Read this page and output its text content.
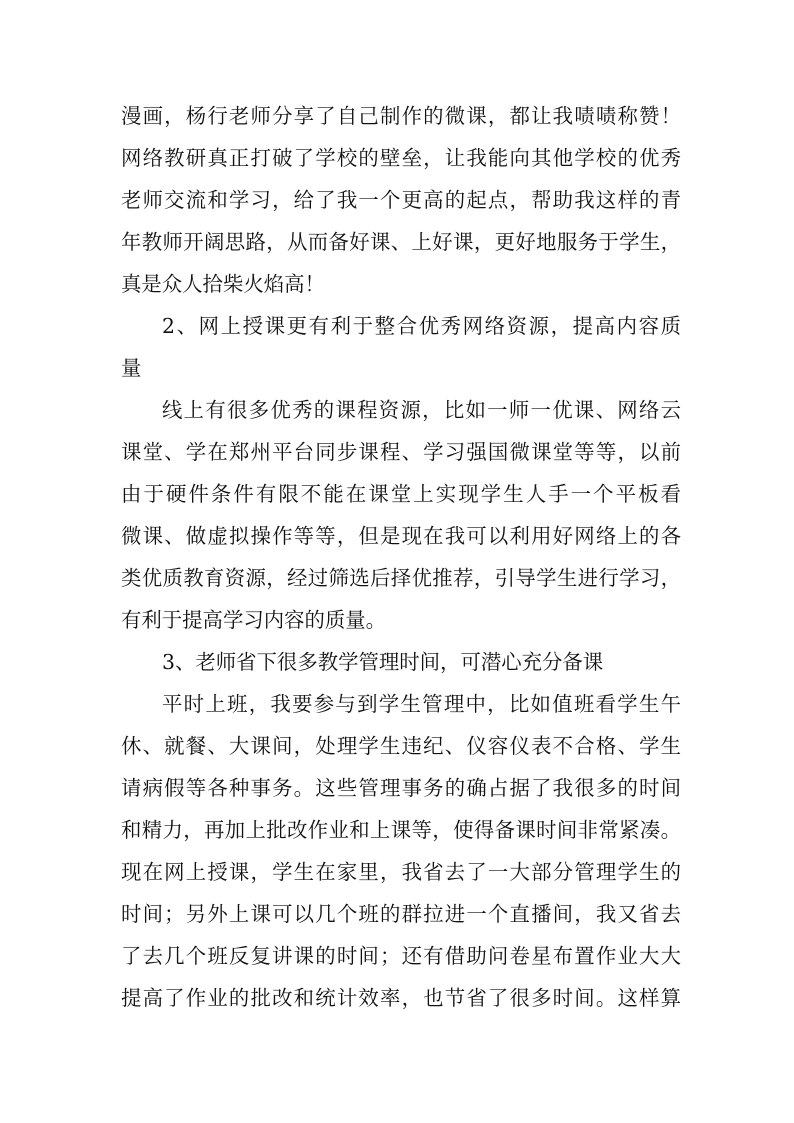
漫画，杨行老师分享了自己制作的微课，都让我啧啧称赞！
网络教研真正打破了学校的壁垒，让我能向其他学校的优秀
老师交流和学习，给了我一个更高的起点，帮助我这样的青
年教师开阔思路，从而备好课、上好课，更好地服务于学生，
真是众人拾柴火焰高！
2、网上授课更有利于整合优秀网络资源，提高内容质
量
线上有很多优秀的课程资源，比如一师一优课、网络云
课堂、学在郑州平台同步课程、学习强国微课堂等等，以前
由于硬件条件有限不能在课堂上实现学生人手一个平板看
微课、做虚拟操作等等，但是现在我可以利用好网络上的各
类优质教育资源，经过筛选后择优推荐，引导学生进行学习，
有利于提高学习内容的质量。
3、老师省下很多教学管理时间，可潜心充分备课
平时上班，我要参与到学生管理中，比如值班看学生午
休、就餐、大课间，处理学生违纪、仪容仪表不合格、学生
请病假等各种事务。这些管理事务的确占据了我很多的时间
和精力，再加上批改作业和上课等，使得备课时间非常紧凑。
现在网上授课，学生在家里，我省去了一大部分管理学生的
时间；另外上课可以几个班的群拉进一个直播间，我又省去
了去几个班反复讲课的时间；还有借助问卷星布置作业大大
提高了作业的批改和统计效率，也节省了很多时间。这样算
